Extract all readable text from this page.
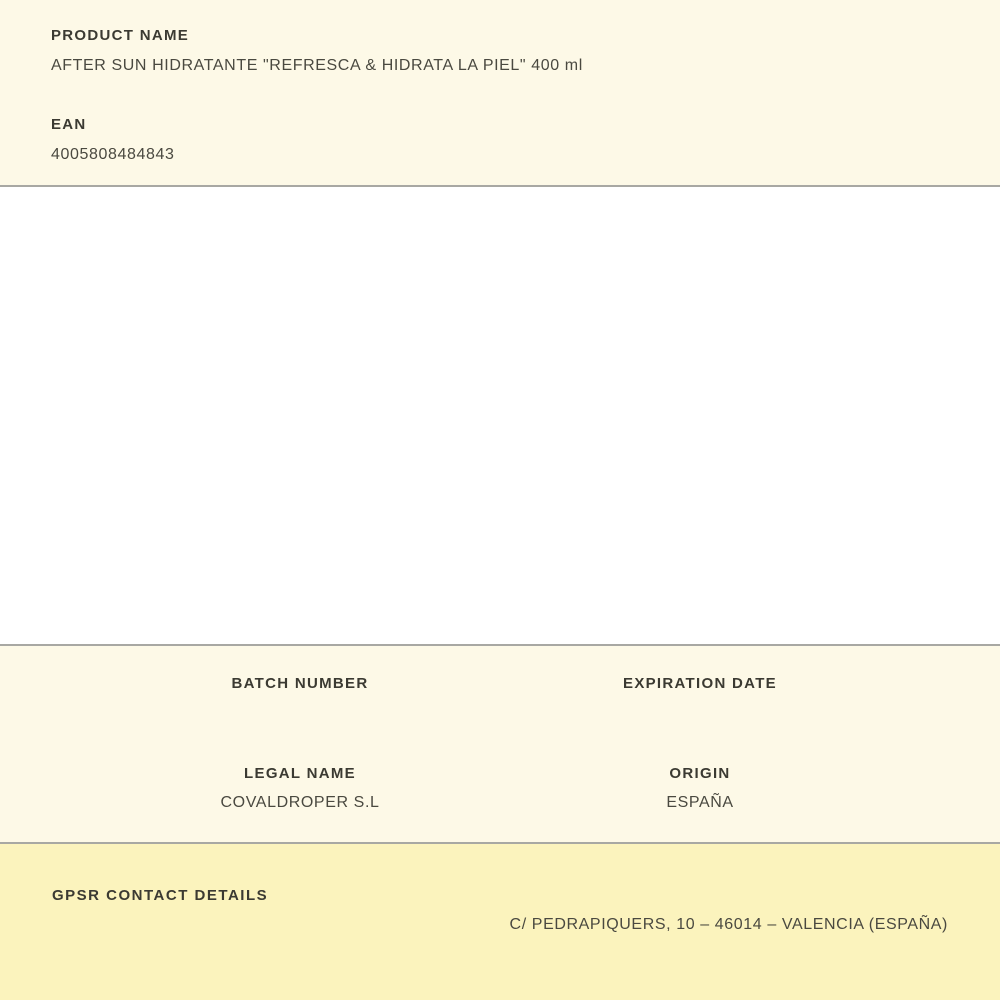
PRODUCT NAME
AFTER SUN HIDRATANTE "REFRESCA & HIDRATA LA PIEL" 400 ml
EAN
4005808484843
BATCH NUMBER	EXPIRATION DATE
LEGAL NAME
COVALDROPER S.L
ORIGIN
ESPAÑA
GPSR CONTACT DETAILS
C/ PEDRAPIQUERS, 10 – 46014 – VALENCIA (ESPAÑA)
